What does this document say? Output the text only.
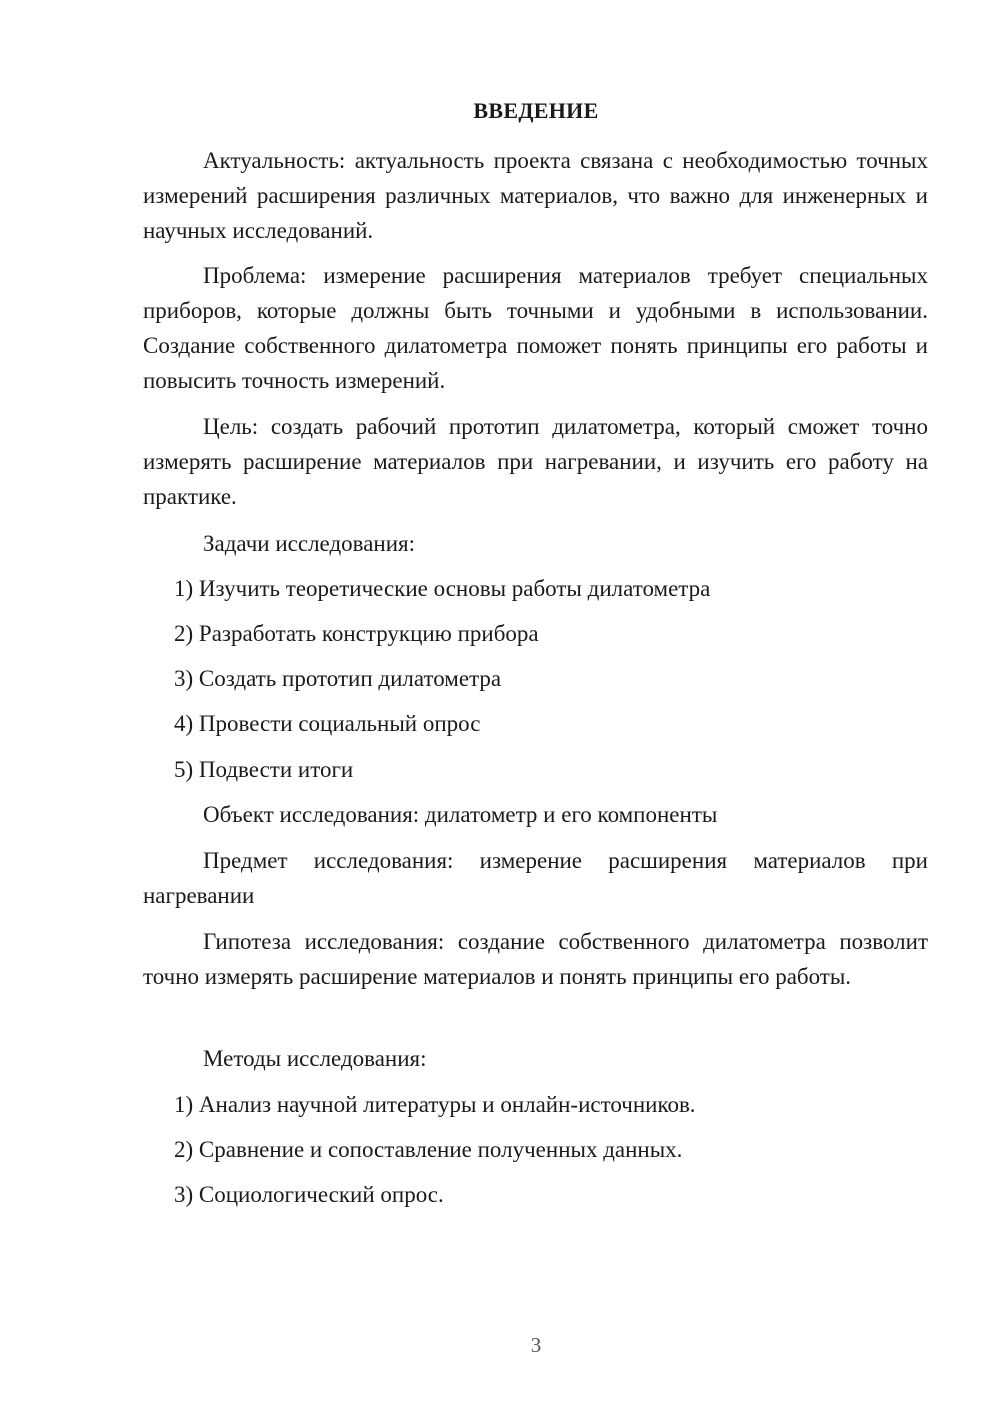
ВВЕДЕНИЕ
Актуальность: актуальность проекта связана с необходимостью точных измерений расширения различных материалов, что важно для инженерных и научных исследований.
Проблема: измерение расширения материалов требует специальных приборов, которые должны быть точными и удобными в использовании. Создание собственного дилатометра поможет понять принципы его работы и повысить точность измерений.
Цель: создать рабочий прототип дилатометра, который сможет точно измерять расширение материалов при нагревании, и изучить его работу на практике.
Задачи исследования:
1) Изучить теоретические основы работы дилатометра
2) Разработать конструкцию прибора
3) Создать прототип дилатометра
4) Провести социальный опрос
5) Подвести итоги
Объект исследования: дилатометр и его компоненты
Предмет исследования: измерение расширения материалов при нагревании
Гипотеза исследования: создание собственного дилатометра позволит точно измерять расширение материалов и понять принципы его работы.
Методы исследования:
1) Анализ научной литературы и онлайн-источников.
2) Сравнение и сопоставление полученных данных.
3) Социологический опрос.
3
